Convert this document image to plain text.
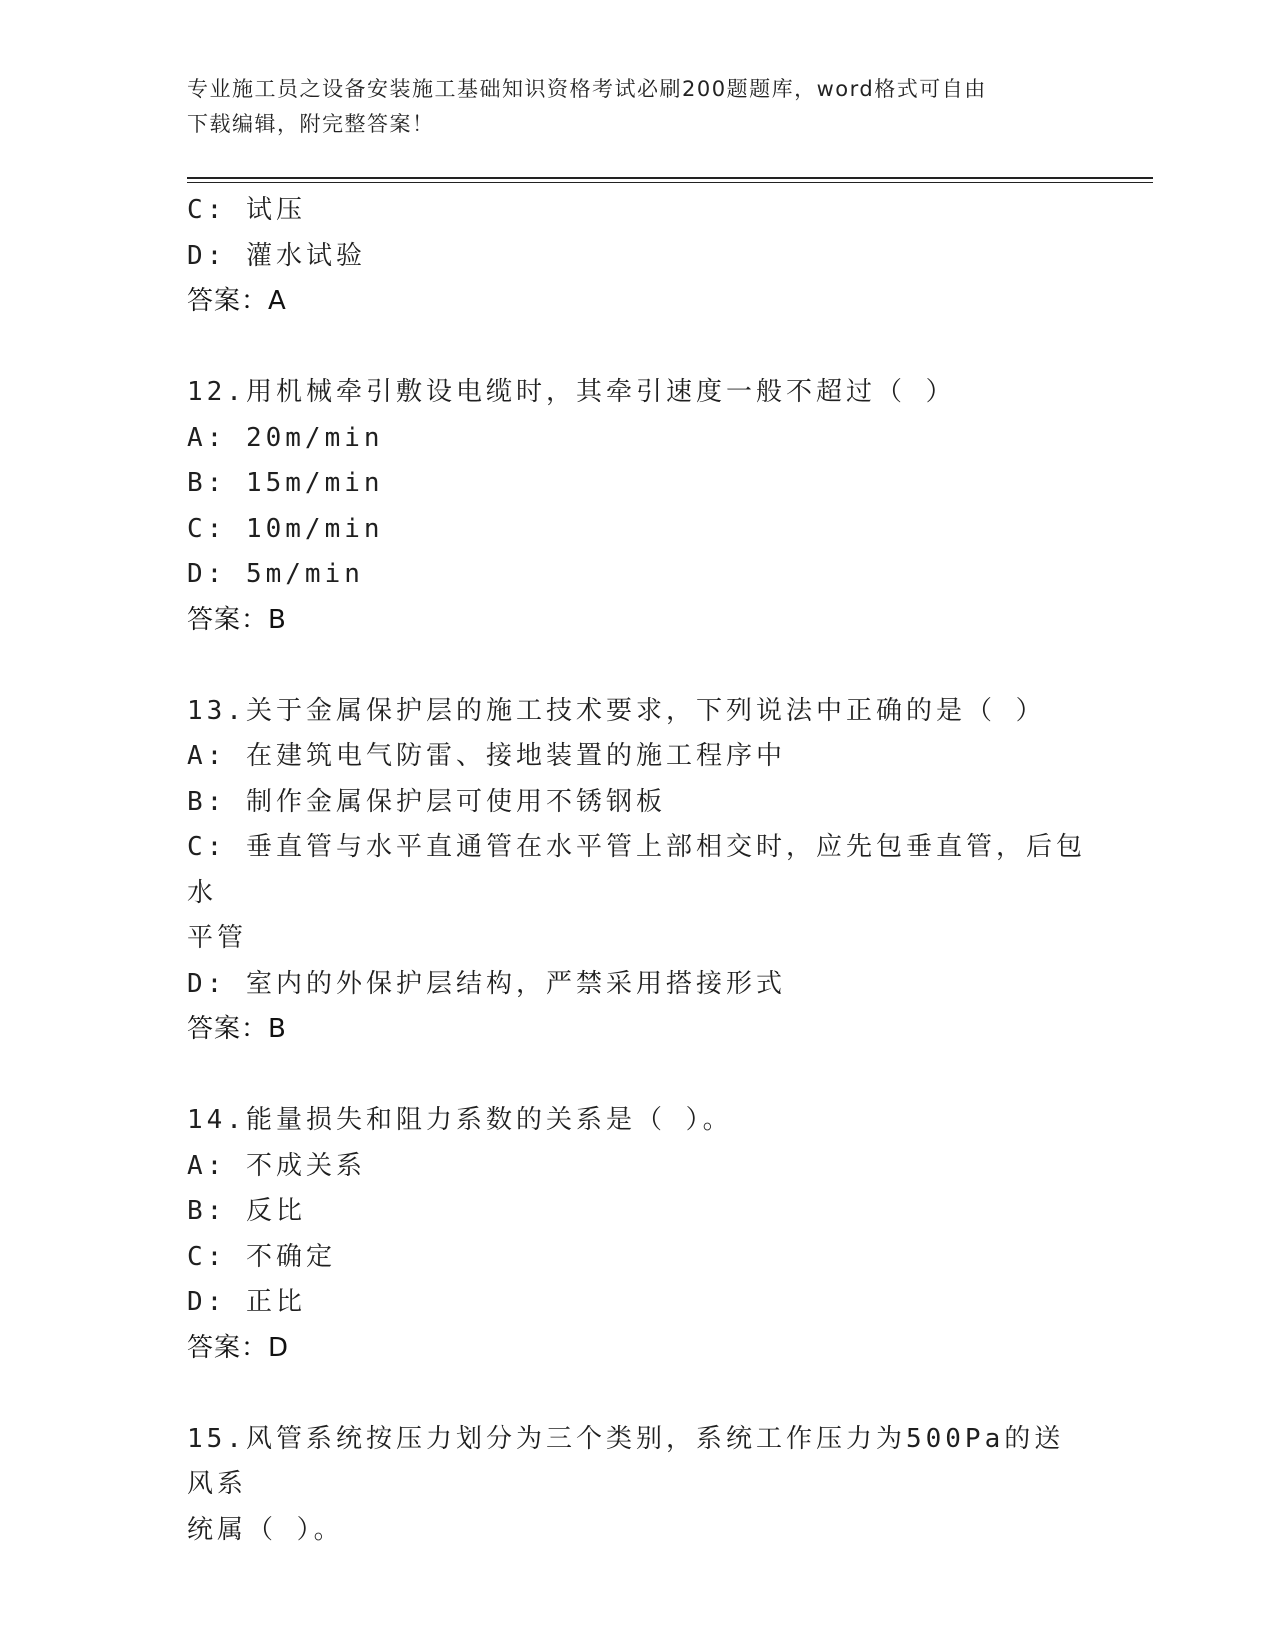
专业施工员之设备安装施工基础知识资格考试必刷200题题库，word格式可自由
下载编辑，附完整答案！
C: 试压
D: 灌水试验
答案：A
12.用机械牵引敷设电缆时，其牵引速度一般不超过（ ）
A: 20m/min
B: 15m/min
C: 10m/min
D: 5m/min
答案：B
13.关于金属保护层的施工技术要求，下列说法中正确的是（ ）
A: 在建筑电气防雷、接地装置的施工程序中
B: 制作金属保护层可使用不锈钢板
C: 垂直管与水平直通管在水平管上部相交时，应先包垂直管，后包水
平管
D: 室内的外保护层结构，严禁采用搭接形式
答案：B
14.能量损失和阻力系数的关系是（ ）。
A: 不成关系
B: 反比
C: 不确定
D: 正比
答案：D
15.风管系统按压力划分为三个类别，系统工作压力为500Pa的送风系
统属（ ）。
